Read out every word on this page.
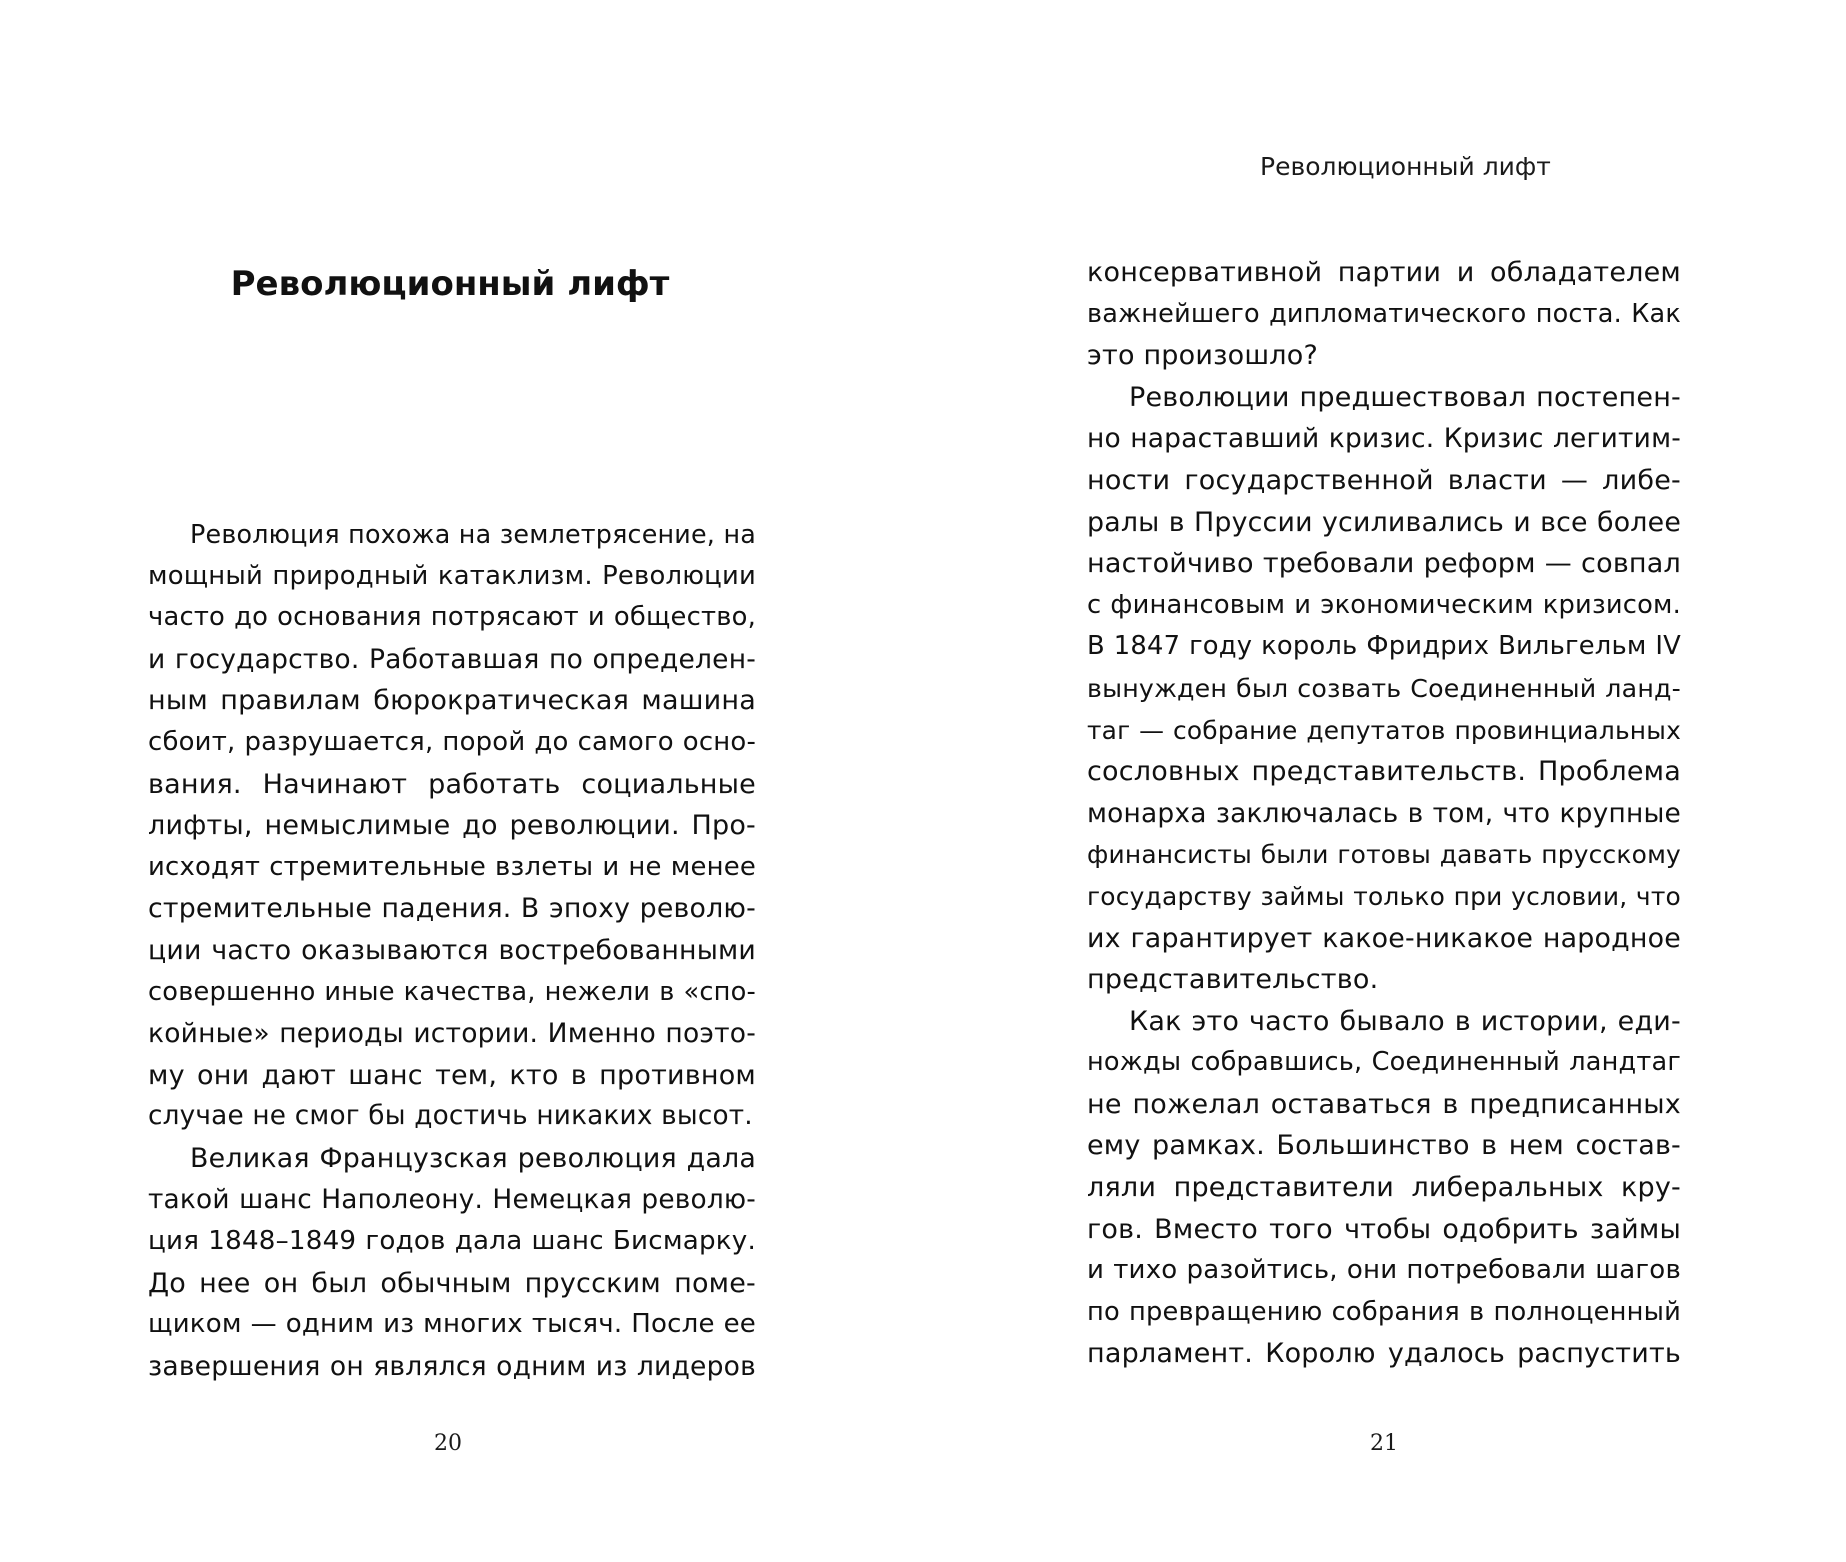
Революционный лифт

Революция похожа на землетрясение, на
мощный природный катаклизм. Революции
часто до основания потрясают и общество,
и государство. Работавшая по определен-
ным правилам бюрократическая машина
сбоит, разрушается, порой до самого осно-
вания. Начинают работать социальные
лифты, немыслимые до революции. Про-
исходят стремительные взлеты и не менее
стремительные падения. В эпоху револю-
ции часто оказываются востребованными
совершенно иные качества, нежели в «спо-
койные» периоды истории. Именно поэто-
му они дают шанс тем, кто в противном
случае не смог бы достичь никаких высот.

Великая Французская революция дала
такой шанс Наполеону. Немецкая револю-
ция 1848–1849 годов дала шанс Бисмарку.
До нее он был обычным прусским поме-
щиком — одним из многих тысяч. После ее
завершения он являлся одним из лидеров

20
Революционный лифт

консервативной партии и обладателем
важнейшего дипломатического поста. Как
это произошло?

Революции предшествовал постепен-
но нараставший кризис. Кризис легитим-
ности государственной власти — либе-
ралы в Пруссии усиливались и все более
настойчиво требовали реформ — совпал
с финансовым и экономическим кризисом.
В 1847 году король Фридрих Вильгельм IV
вынужден был созвать Соединенный ланд-
таг — собрание депутатов провинциальных
сословных представительств. Проблема
монарха заключалась в том, что крупные
финансисты были готовы давать прусскому
государству займы только при условии, что
их гарантирует какое-никакое народное
представительство.

Как это часто бывало в истории, еди-
ножды собравшись, Соединенный ландтаг
не пожелал оставаться в предписанных
ему рамках. Большинство в нем состав-
ляли представители либеральных кру-
гов. Вместо того чтобы одобрить займы
и тихо разойтись, они потребовали шагов
по превращению собрания в полноценный
парламент. Королю удалось распустить

21
